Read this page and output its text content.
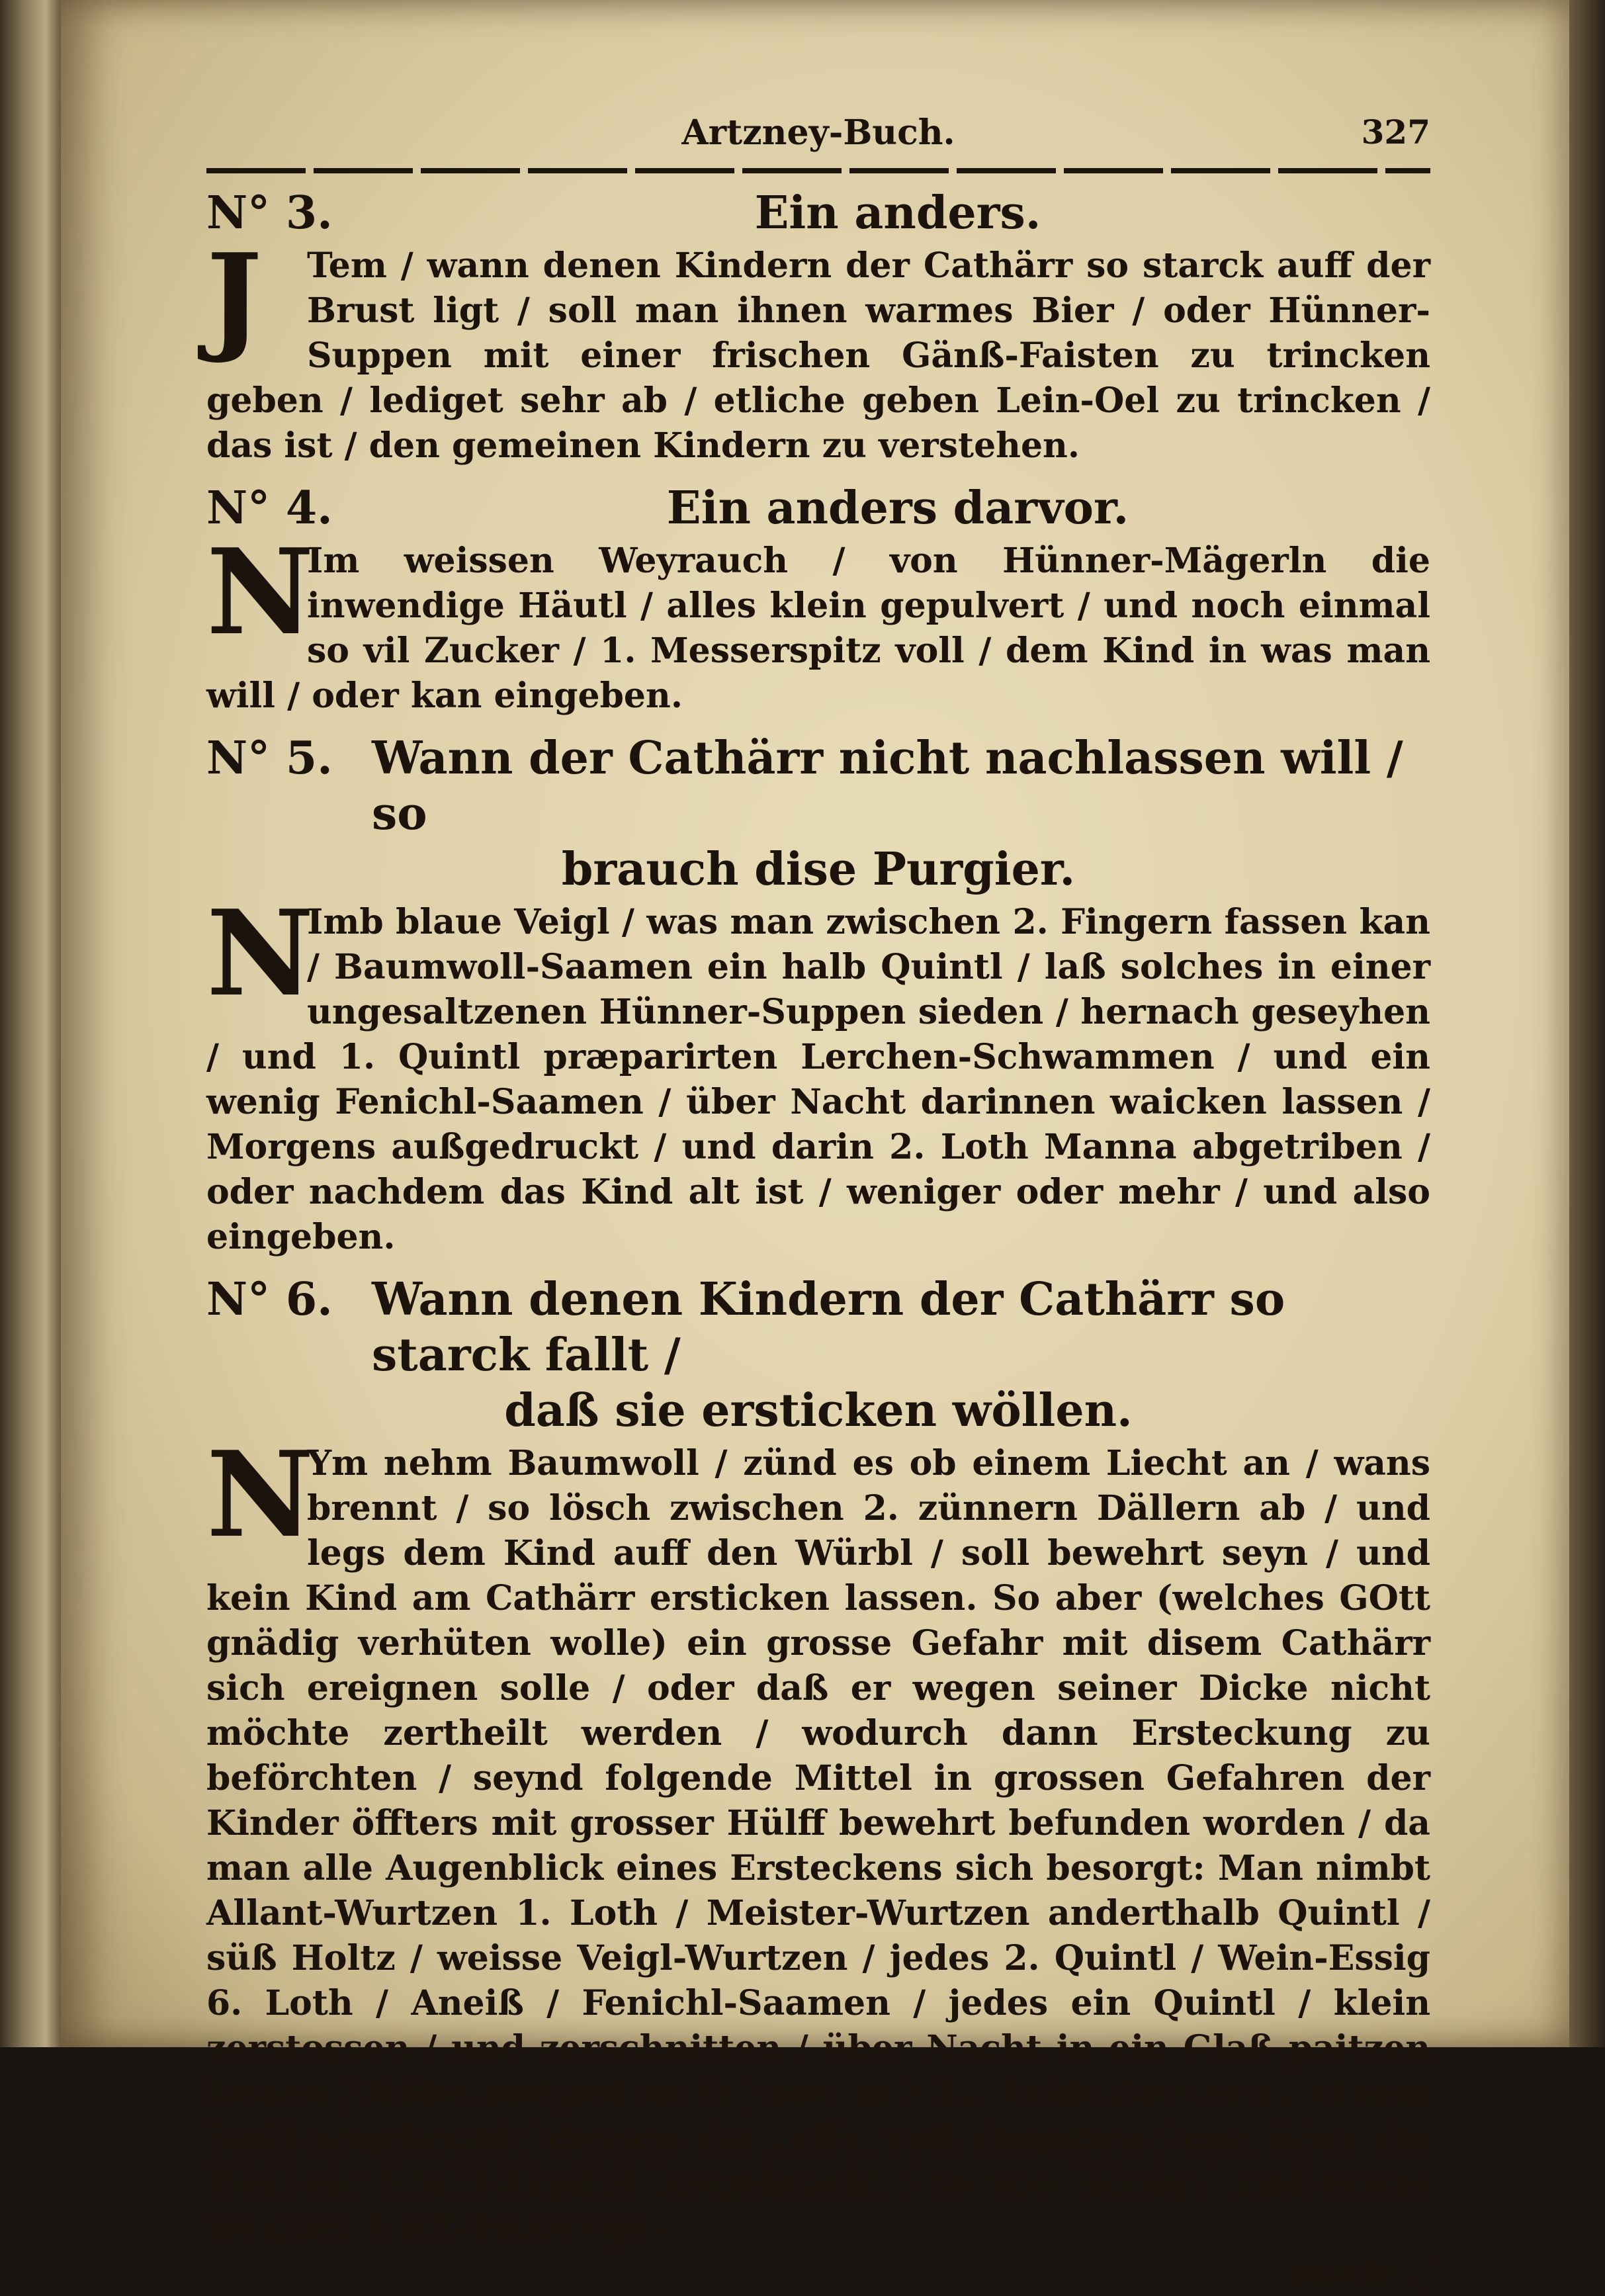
Artzney-Buch.	327
N° 3.	Ein anders.
J	Tem / wann denen Kindern der Cathärr so starck auff der Brust ligt / soll man ihnen warmes Bier / oder Hünner-Suppen mit einer frischen Gänß-Faisten zu trincken geben / lediget sehr ab / etliche geben Lein-Oel zu trincken / das ist / den gemeinen Kindern zu verstehen.
N° 4.	Ein anders darvor.
N
Im weissen Weyrauch / von Hünner-Mägerln die inwendige Häutl / alles klein gepulvert / und noch einmal so vil Zucker / 1. Messerspitz voll / dem Kind in was man will / oder kan eingeben.
N° 5. Wann der Cathärr nicht nachlassen will / so
brauch dise Purgier.
N
Imb blaue Veigl / was man zwischen 2. Fingern fassen kan / Baumwoll-Saamen ein halb Quintl / laß solches in einer ungesaltzenen Hünner-Suppen sieden / hernach geseyhen / und 1. Quintl præparirten Lerchen-Schwammen / und ein wenig Fenichl-Saamen / über Nacht darinnen waicken lassen / Morgens außgedruckt / und darin 2. Loth Manna abgetriben / oder nachdem das Kind alt ist / weniger oder mehr / und also eingeben.
N° 6. Wann denen Kindern der Cathärr so starck fallt /
daß sie ersticken wöllen.
N
Ym nehm Baumwoll / zünd es ob einem Liecht an / wans brennt / so lösch zwischen 2. zünnern Dällern ab / und legs dem Kind auff den Würbl / soll bewehrt seyn / und kein Kind am Cathärr ersticken lassen. So aber (welches GOtt gnädig verhüten wolle) ein grosse Gefahr mit disem Cathärr sich ereignen solle / oder daß er wegen seiner Dicke nicht möchte zertheilt werden / wodurch dann Ersteckung zu beförchten / seynd folgende Mittel in grossen Gefahren der Kinder öffters mit grosser Hülff bewehrt befunden worden / da man alle Augenblick eines Ersteckens sich besorgt: Man nimbt Allant-Wurtzen 1. Loth / Meister-Wurtzen anderthalb Quintl / süß Holtz / weisse Veigl-Wurtzen / jedes 2. Quintl / Wein-Essig 6. Loth / Aneiß / Fenichl-Saamen / jedes ein Quintl / klein zerstossen / und zerschnitten / über Nacht in ein Glaß paitzen lassen / frühe außgedruckt / und mit 12. Loth Zucker zu einem Safft abgekocht / dessen ein Leffel voll eingeben / und über ein Weil ein Stuhl-Zäpffel beygebracht / so von Hönig / und etwas weisses Nieß-Pulver ge-
macht /
